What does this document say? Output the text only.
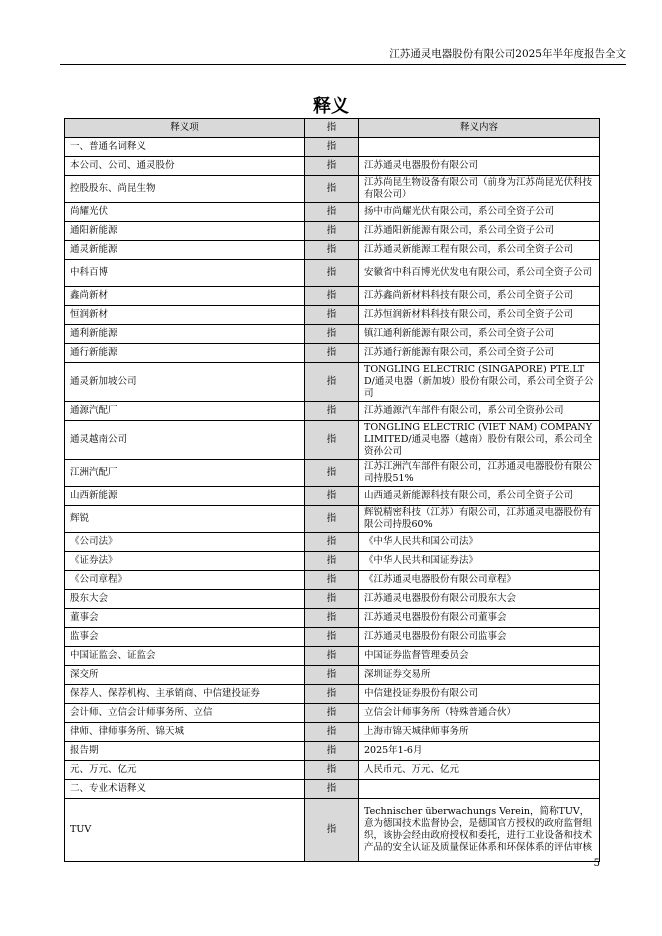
江苏通灵电器股份有限公司2025年半年度报告全文
释义
释义项	指	释义内容
一、普通名词释义	指	
本公司、公司、通灵股份	指	江苏通灵电器股份有限公司
控股股东、尚昆生物	指	江苏尚昆生物设备有限公司（前身为江苏尚昆光伏科技有限公司）
尚耀光伏	指	扬中市尚耀光伏有限公司，系公司全资子公司
通阳新能源	指	江苏通阳新能源有限公司，系公司全资子公司
通灵新能源	指	江苏通灵新能源工程有限公司，系公司全资子公司
中科百博	指	安徽省中科百博光伏发电有限公司，系公司全资子公司
鑫尚新材	指	江苏鑫尚新材料科技有限公司，系公司全资子公司
恒润新材	指	江苏恒润新材料科技有限公司，系公司全资子公司
通利新能源	指	镇江通利新能源有限公司，系公司全资子公司
通行新能源	指	江苏通行新能源有限公司，系公司全资子公司
通灵新加坡公司	指	TONGLING ELECTRIC (SINGAPORE) PTE.LTD/通灵电器（新加坡）股份有限公司，系公司全资子公司
通源汽配厂	指	江苏通源汽车部件有限公司，系公司全资孙公司
通灵越南公司	指	TONGLING ELECTRIC (VIET NAM) COMPANY LIMITED/通灵电器（越南）股份有限公司，系公司全资孙公司
江洲汽配厂	指	江苏江洲汽车部件有限公司，江苏通灵电器股份有限公司持股51%
山西新能源	指	山西通灵新能源科技有限公司，系公司全资子公司
辉锐	指	辉锐精密科技（江苏）有限公司，江苏通灵电器股份有限公司持股60%
《公司法》	指	《中华人民共和国公司法》
《证券法》	指	《中华人民共和国证券法》
《公司章程》	指	《江苏通灵电器股份有限公司章程》
股东大会	指	江苏通灵电器股份有限公司股东大会
董事会	指	江苏通灵电器股份有限公司董事会
监事会	指	江苏通灵电器股份有限公司监事会
中国证监会、证监会	指	中国证券监督管理委员会
深交所	指	深圳证券交易所
保荐人、保荐机构、主承销商、中信建投证券	指	中信建投证券股份有限公司
会计师、立信会计师事务所、立信	指	立信会计师事务所（特殊普通合伙）
律师、律师事务所、锦天城	指	上海市锦天城律师事务所
报告期	指	2025年1-6月
元、万元、亿元	指	人民币元、万元、亿元
二、专业术语释义	指	
TUV	指	Technischer überwachungs Verein，简称TUV，意为德国技术监督协会，是德国官方授权的政府监督组织，该协会经由政府授权和委托，进行工业设备和技术产品的安全认证及质量保证体系和环保体系的评估审核
5
